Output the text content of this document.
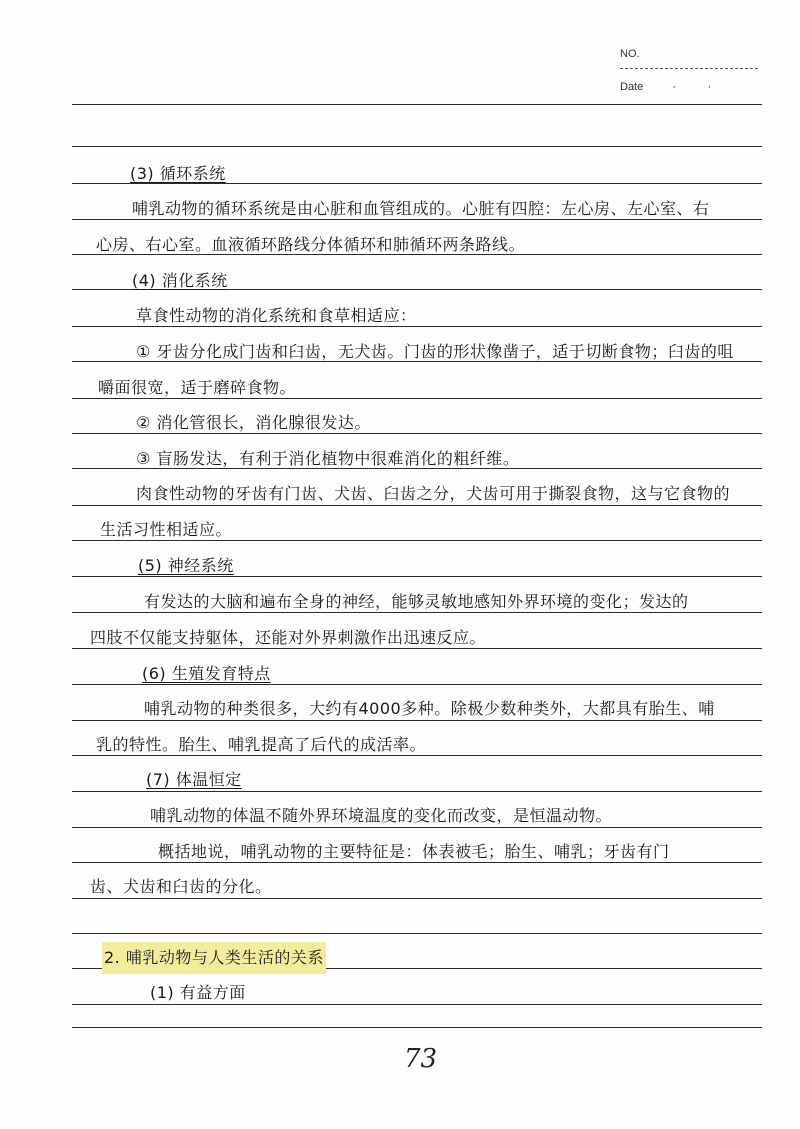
NO.
Date · ·
(3) 循环系统
哺乳动物的循环系统是由心脏和血管组成的。心脏有四腔：左心房、左心室、右
心房、右心室。血液循环路线分体循环和肺循环两条路线。
(4) 消化系统
草食性动物的消化系统和食草相适应：
① 牙齿分化成门齿和臼齿，无犬齿。门齿的形状像凿子，适于切断食物；臼齿的咀
嚼面很宽，适于磨碎食物。
② 消化管很长，消化腺很发达。
③ 盲肠发达，有利于消化植物中很难消化的粗纤维。
肉食性动物的牙齿有门齿、犬齿、臼齿之分，犬齿可用于撕裂食物，这与它食物的
生活习性相适应。
(5) 神经系统
有发达的大脑和遍布全身的神经，能够灵敏地感知外界环境的变化；发达的
四肢不仅能支持躯体，还能对外界刺激作出迅速反应。
(6) 生殖发育特点
哺乳动物的种类很多，大约有4000多种。除极少数种类外，大都具有胎生、哺
乳的特性。胎生、哺乳提高了后代的成活率。
(7) 体温恒定
哺乳动物的体温不随外界环境温度的变化而改变，是恒温动物。
概括地说，哺乳动物的主要特征是：体表被毛；胎生、哺乳；牙齿有门
齿、犬齿和臼齿的分化。
2. 哺乳动物与人类生活的关系
(1) 有益方面
73
